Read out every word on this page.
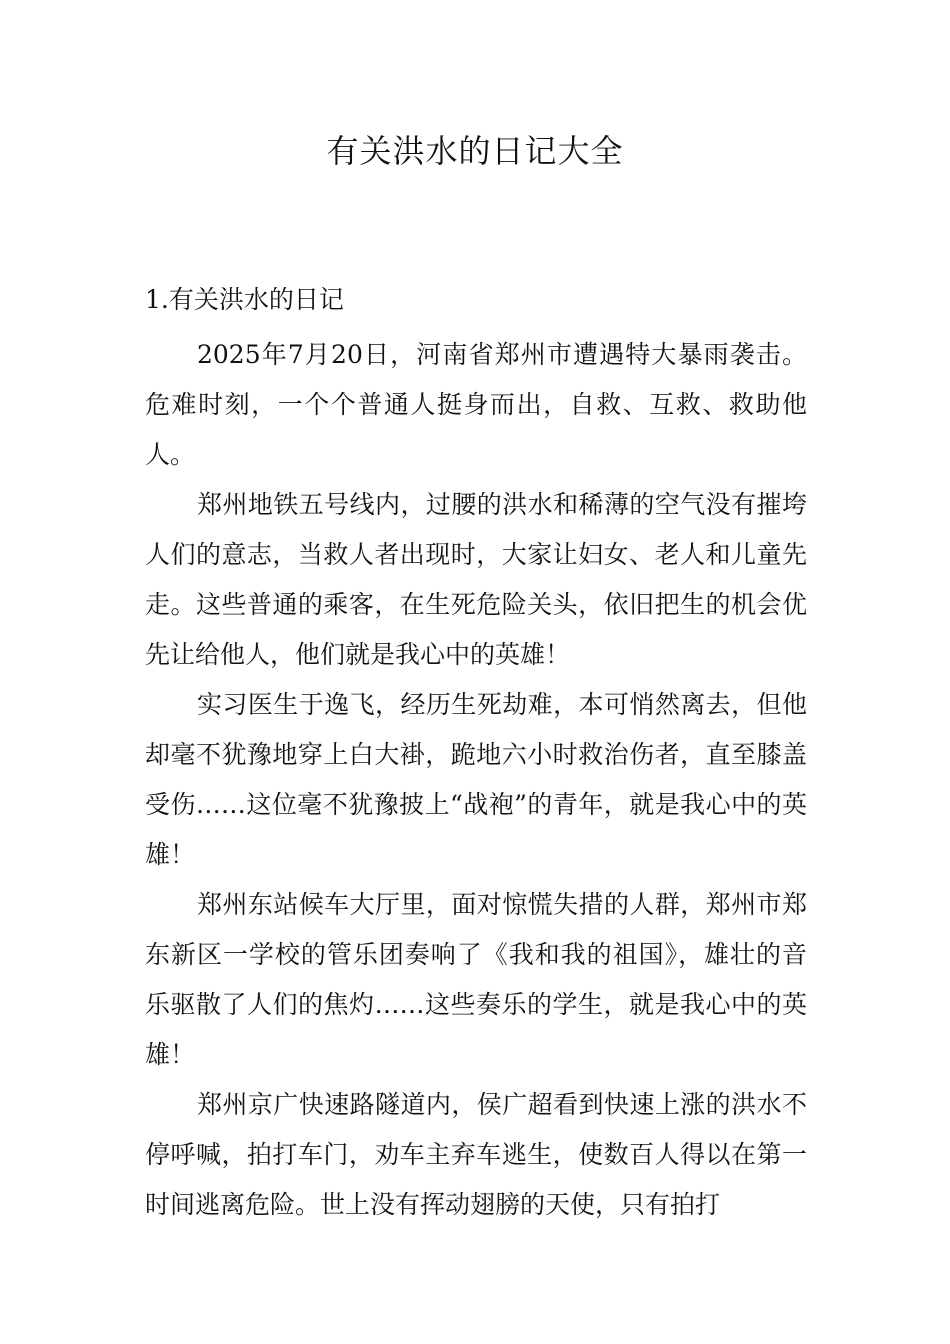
有关洪水的日记大全
1.有关洪水的日记

2025年7月20日，河南省郑州市遭遇特大暴雨袭击。危难时刻，一个个普通人挺身而出，自救、互救、救助他人。

郑州地铁五号线内，过腰的洪水和稀薄的空气没有摧垮人们的意志，当救人者出现时，大家让妇女、老人和儿童先走。这些普通的乘客，在生死危险关头，依旧把生的机会优先让给他人，他们就是我心中的英雄！

实习医生于逸飞，经历生死劫难，本可悄然离去，但他却毫不犹豫地穿上白大褂，跪地六小时救治伤者，直至膝盖受伤……这位毫不犹豫披上“战袍”的青年，就是我心中的英雄！

郑州东站候车大厅里，面对惊慌失措的人群，郑州市郑东新区一学校的管乐团奏响了《我和我的祖国》，雄壮的音乐驱散了人们的焦灼……这些奏乐的学生，就是我心中的英雄！

郑州京广快速路隧道内，侯广超看到快速上涨的洪水不停呼喊，拍打车门，劝车主弃车逃生，使数百人得以在第一时间逃离危险。世上没有挥动翅膀的天使，只有拍打
